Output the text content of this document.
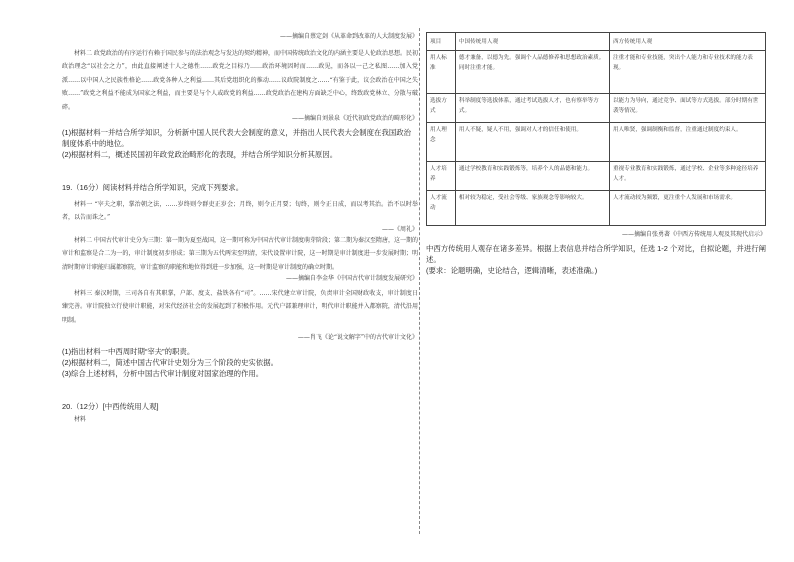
——摘编自蔡定剑《从革命到改革的人大制度发展》

材料二 政党政治的有序运行有赖于国民参与的法治观念与发达的契约精神，而中国传统政治文化的内涵主要是人伦政治思想。民初政治理念“以社会之力”，由此直接阐述十人之德性……政党之目标乃……政治环境因时而……政见，而各以一己之私图……加入党派……以中国人之民族性格论……政党各种人之利益……其后党组织化的推动……议政院制度之……“有鉴于此，议会政治在中国之失败……”政党之利益不能成为国家之利益，而主要是与个人或政党的利益……政党政治在建构方面缺乏中心，终致政党林立、分散与破碎。

——摘编自刘景泉《近代初政党政治的畸形化》

(1)根据材料一并结合所学知识，分析新中国人民代表大会制度的意义，并指出人民代表大会制度在我国政治制度体系中的地位。

(2)根据材料二，概述民国初年政党政治畸形化的表现，并结合所学知识分析其原因。

19.（16分）阅读材料并结合所学知识，完成下列要求。

材料一 “宰夫之职，掌治朝之法，……岁终则令群吏正岁会；月终，则令正月要；旬终，则令正日成，而以考其治。治不以时举者，以告而诛之。”

——《周礼》

材料二 中国古代审计史分为三期：第一期为夏至战国，这一期可称为中国古代审计制度萌芽阶段；第二期为秦汉至隋唐，这一期的审计和监察是合二为一的，审计制度初步形成；第三期为五代两宋至明清，宋代设置审计院，这一时期是审计制度进一步发展时期；明清时期审计职能归属都察院，审计监察的职能和地位得到进一步加强，这一时期是审计制度的确立时期。

——摘编自李金华《中国古代审计制度发展研究》

材料三 秦汉时期，三司各自有其职掌，户部、度支、盐铁各有“司”。……宋代建立审计院，负责审计全国财政收支，审计制度日臻完善。审计院独立行使审计职能，对宋代经济社会的发展起到了积极作用。元代户部兼理审计，明代审计职能并入都察院，清代沿用明制。

——肖飞《论“说文解字”中的古代审计文化》

(1)指出材料一中西周时期“宰夫”的职责。

(2)根据材料二，简述中国古代审计史划分为三个阶段的史实依据。

(3)综合上述材料，分析中国古代审计制度对国家治理的作用。

20.（12分）[中西传统用人观]

材料

项目	中国传统用人观	西方传统用人观
用人标准	德才兼备，以德为先。强调个人品德修养和思想政治素质。同时注重才能。	注重才能和专业技能，突出个人能力和专业技术的能力表现。
选拔方式	科举制度等选拔体系，通过考试选拔人才，也有察举等方式。	以能力为导向，通过竞争、面试等方式选拔。部分时期有世袭等情况。
用人理念	用人不疑，疑人不用，强调对人才的信任和使用。	用人唯贤，强调制衡和监督，注重通过制度约束人。
人才培养	通过学校教育和实践锻炼等，培养个人的品德和能力。	重视专业教育和实践锻炼，通过学校、企业等多种途径培养人才。
人才流动	相对较为稳定，受社会等级、家族观念等影响较大。	人才流动较为频繁，更注重个人发展和市场需求。

——摘编自张勇著《中西方传统用人观及其现代启示》

中西方传统用人观存在诸多差异。根据上表信息并结合所学知识，任选 1-2 个对比，自拟论题，并进行阐述。

(要求：论题明确，史论结合，逻辑清晰，表述准确。)
